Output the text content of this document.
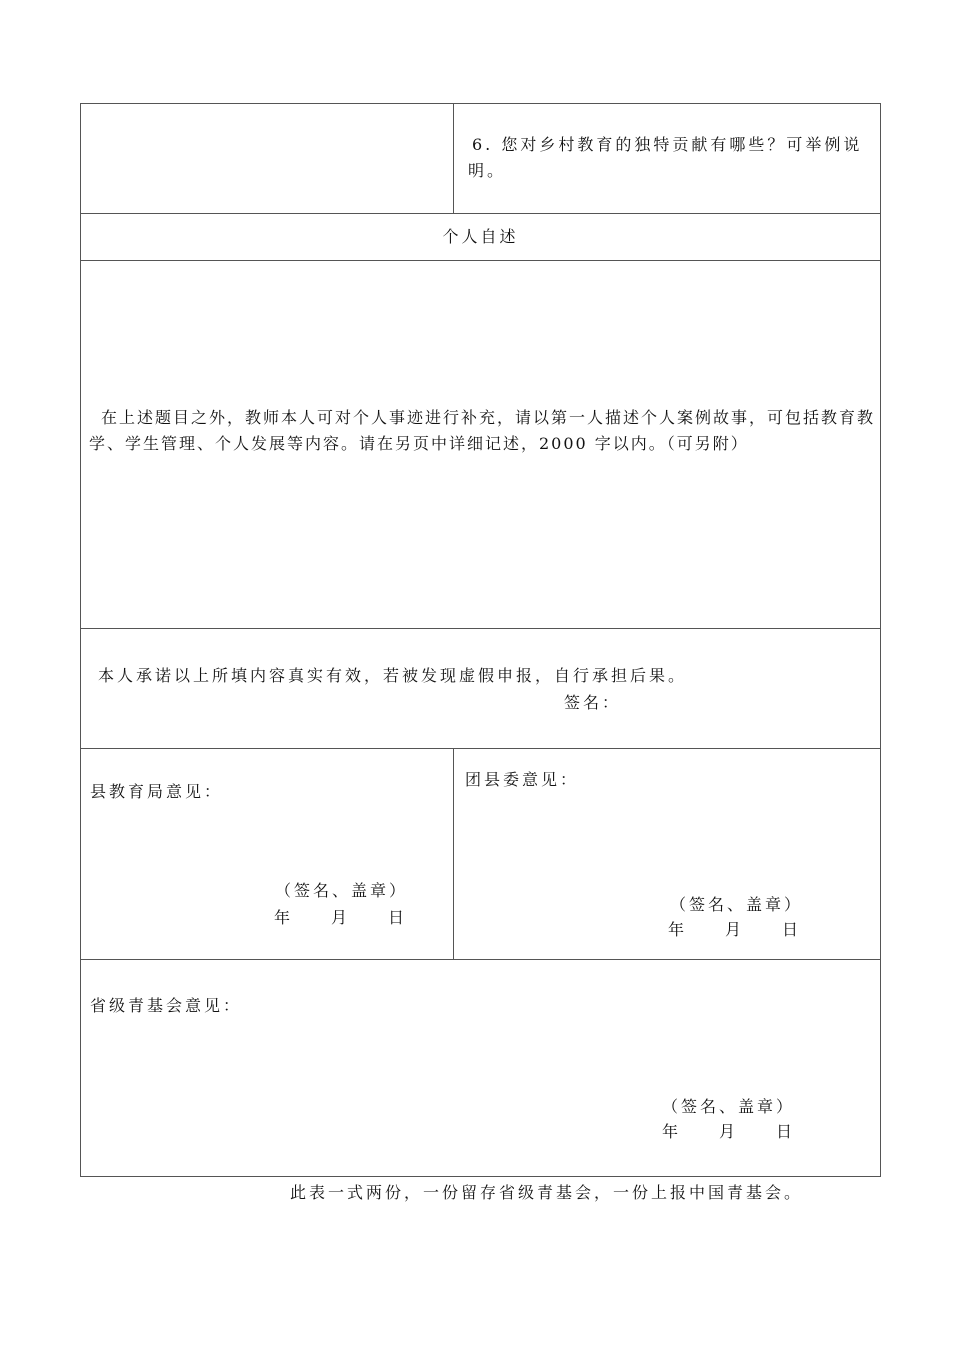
6. 您对乡村教育的独特贡献有哪些？可举例说明。
个人自述
在上述题目之外，教师本人可对个人事迹进行补充，请以第一人描述个人案例故事，可包括教育教学、学生管理、个人发展等内容。请在另页中详细记述，2000 字以内。（可另附）
本人承诺以上所填内容真实有效，若被发现虚假申报，自行承担后果。
签名：
县教育局意见：
（签名、盖章）
年　　月　　日
团县委意见：
（签名、盖章）
年　　月　　日
省级青基会意见：
（签名、盖章）
年　　月　　日
此表一式两份，一份留存省级青基会，一份上报中国青基会。
